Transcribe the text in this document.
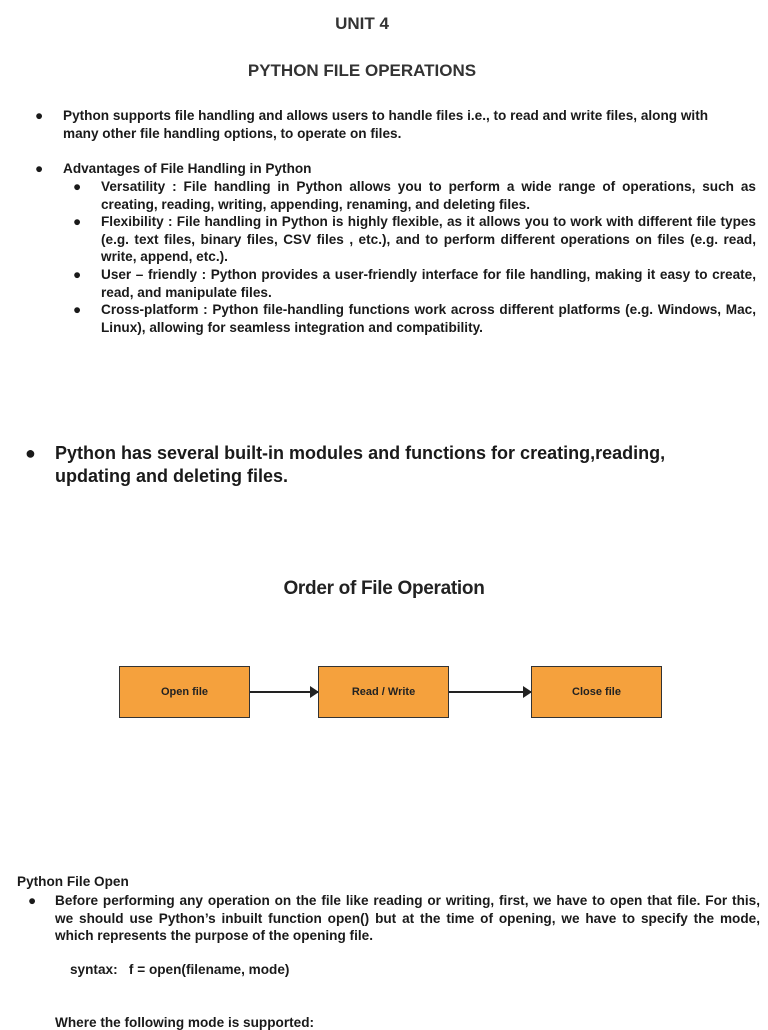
UNIT 4
PYTHON FILE OPERATIONS
● Python supports file handling and allows users to handle files i.e., to read and write files, along with many other file handling options, to operate on files.
● Advantages of File Handling in Python
● Versatility : File handling in Python allows you to perform a wide range of operations, such as creating, reading, writing, appending, renaming, and deleting files.
● Flexibility : File handling in Python is highly flexible, as it allows you to work with different file types (e.g. text files, binary files, CSV files , etc.), and to perform different operations on files (e.g. read, write, append, etc.).
● User – friendly : Python provides a user-friendly interface for file handling, making it easy to create, read, and manipulate files.
● Cross-platform : Python file-handling functions work across different platforms (e.g. Windows, Mac, Linux), allowing for seamless integration and compatibility.
● Python has several built-in modules and functions for creating,reading, updating and deleting files.
Order of File Operation
Open file	Read / Write	Close file
Python File Open
● Before performing any operation on the file like reading or writing, first, we have to open that file. For this, we should use Python’s inbuilt function open() but at the time of opening, we have to specify the mode, which represents the purpose of the opening file.
syntax:   f = open(filename, mode)
Where the following mode is supported:
